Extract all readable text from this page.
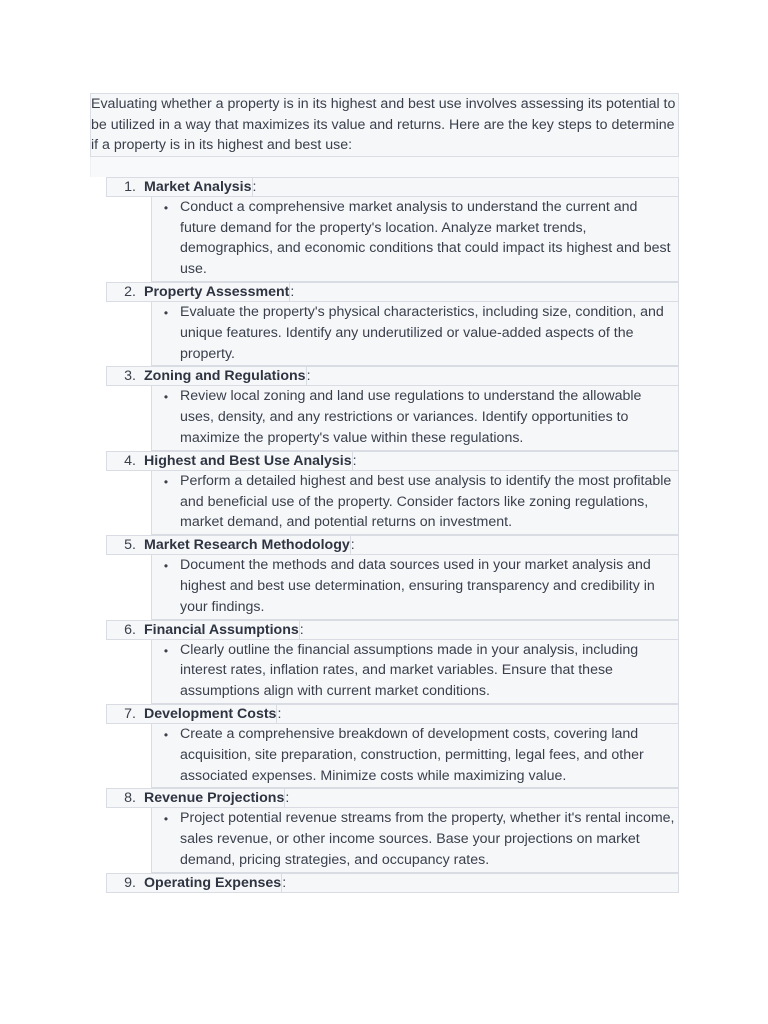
Evaluating whether a property is in its highest and best use involves assessing its potential to be utilized in a way that maximizes its value and returns. Here are the key steps to determine if a property is in its highest and best use:

1. Market Analysis :
• Conduct a comprehensive market analysis to understand the current and future demand for the property's location. Analyze market trends, demographics, and economic conditions that could impact its highest and best use.
2. Property Assessment :
• Evaluate the property's physical characteristics, including size, condition, and unique features. Identify any underutilized or value-added aspects of the property.
3. Zoning and Regulations :
• Review local zoning and land use regulations to understand the allowable uses, density, and any restrictions or variances. Identify opportunities to maximize the property's value within these regulations.
4. Highest and Best Use Analysis :
• Perform a detailed highest and best use analysis to identify the most profitable and beneficial use of the property. Consider factors like zoning regulations, market demand, and potential returns on investment.
5. Market Research Methodology :
• Document the methods and data sources used in your market analysis and highest and best use determination, ensuring transparency and credibility in your findings.
6. Financial Assumptions :
• Clearly outline the financial assumptions made in your analysis, including interest rates, inflation rates, and market variables. Ensure that these assumptions align with current market conditions.
7. Development Costs :
• Create a comprehensive breakdown of development costs, covering land acquisition, site preparation, construction, permitting, legal fees, and other associated expenses. Minimize costs while maximizing value.
8. Revenue Projections :
• Project potential revenue streams from the property, whether it's rental income, sales revenue, or other income sources. Base your projections on market demand, pricing strategies, and occupancy rates.
9. Operating Expenses :
